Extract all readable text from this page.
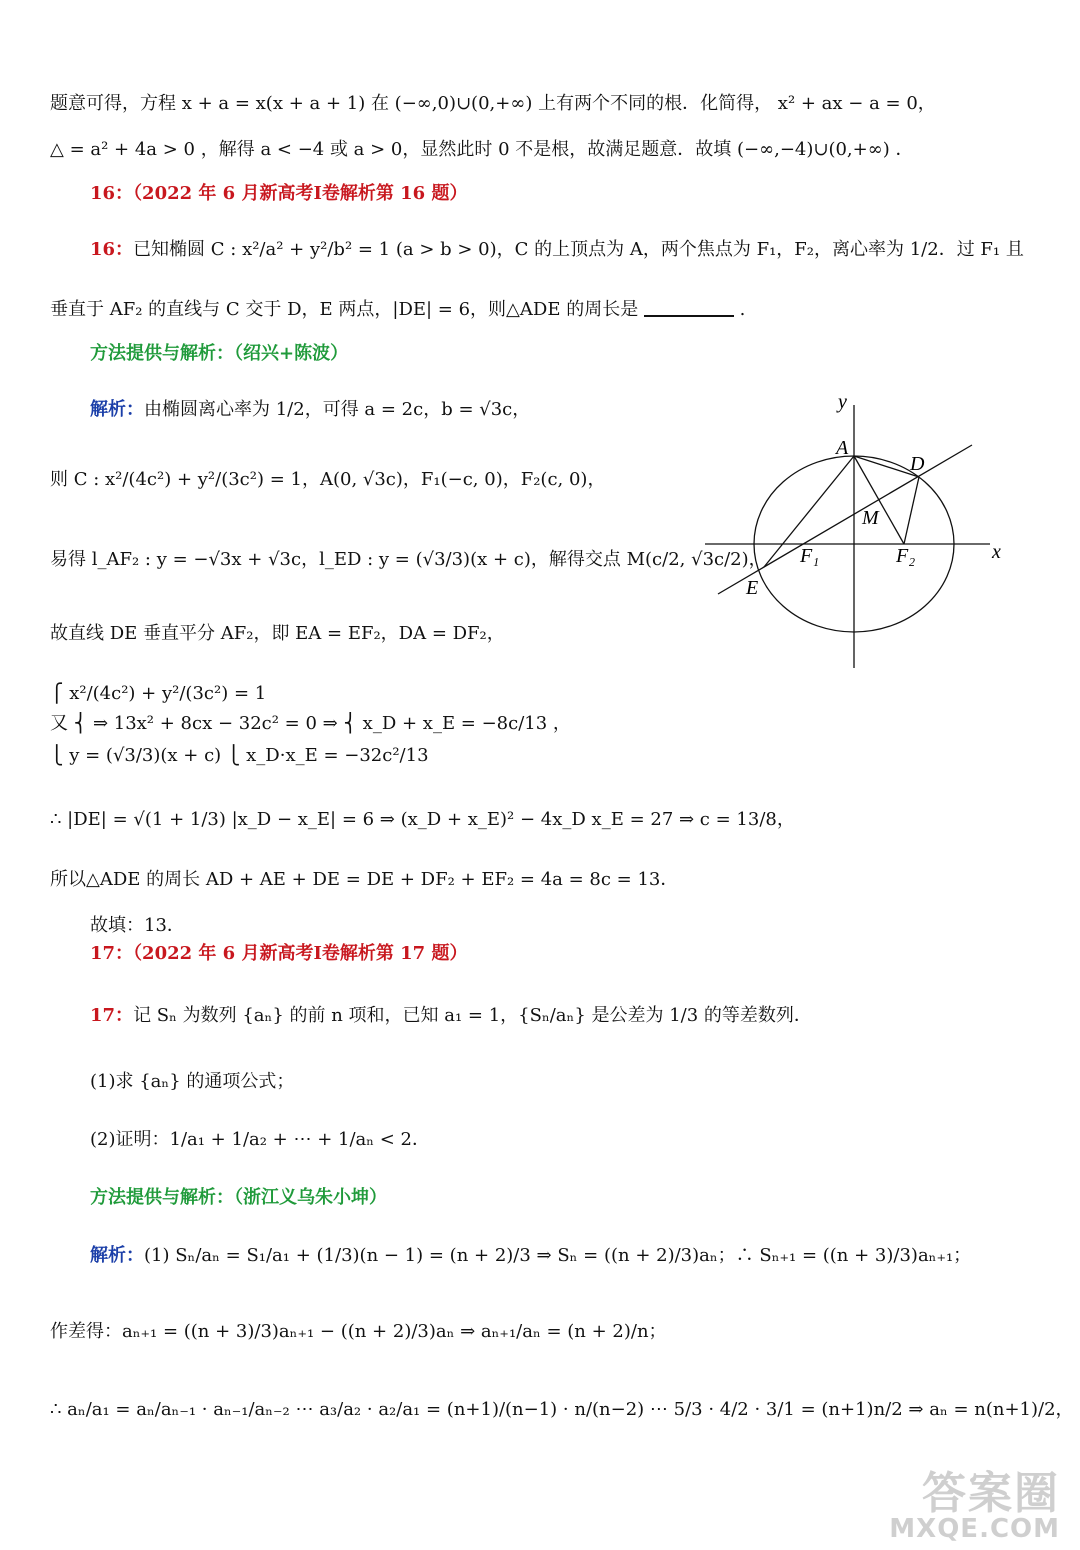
题意可得，方程 x + a = x(x + a + 1) 在 (−∞,0)∪(0,+∞) 上有两个不同的根．化简得， x² + ax − a = 0，
△ = a² + 4a > 0 ，解得 a < −4 或 a > 0，显然此时 0 不是根，故满足题意．故填 (−∞,−4)∪(0,+∞) ．
16：（2022 年 6 月新高考Ⅰ卷解析第 16 题）
16：已知椭圆 C : x²/a² + y²/b² = 1 (a > b > 0)，C 的上顶点为 A，两个焦点为 F₁，F₂，离心率为 1/2．过 F₁ 且
垂直于 AF₂ 的直线与 C 交于 D，E 两点，|DE| = 6，则△ADE 的周长是	.
方法提供与解析：（绍兴+陈波）
解析：由椭圆离心率为 1/2，可得 a = 2c，b = √3c，
则 C : x²/(4c²) + y²/(3c²) = 1，A(0, √3c)，F₁(−c, 0)，F₂(c, 0)，
易得 l_AF₂ : y = −√3x + √3c，l_ED : y = (√3/3)(x + c)，解得交点 M(c/2, √3c/2)，
故直线 DE 垂直平分 AF₂，即 EA = EF₂，DA = DF₂，
⎧ x²/(4c²) + y²/(3c²) = 1
又 ⎨ ⇒ 13x² + 8cx − 32c² = 0 ⇒ ⎨ x_D + x_E = −8c/13 ，
⎩ y = (√3/3)(x + c) ⎩ x_D·x_E = −32c²/13
∴ |DE| = √(1 + 1/3) |x_D − x_E| = 6 ⇒ (x_D + x_E)² − 4x_D x_E = 27 ⇒ c = 13/8，
所以△ADE 的周长 AD + AE + DE = DE + DF₂ + EF₂ = 4a = 8c = 13．
故填：13．
17：（2022 年 6 月新高考Ⅰ卷解析第 17 题）
17：记 Sₙ 为数列 {aₙ} 的前 n 项和，已知 a₁ = 1，{Sₙ/aₙ} 是公差为 1/3 的等差数列．
(1)求 {aₙ} 的通项公式；
(2)证明：1/a₁ + 1/a₂ + ⋯ + 1/aₙ < 2．
方法提供与解析：（浙江义乌朱小坤）
解析：(1) Sₙ/aₙ = S₁/a₁ + (1/3)(n − 1) = (n + 2)/3 ⇒ Sₙ = ((n + 2)/3)aₙ；∴ Sₙ₊₁ = ((n + 3)/3)aₙ₊₁；
作差得：aₙ₊₁ = ((n + 3)/3)aₙ₊₁ − ((n + 2)/3)aₙ ⇒ aₙ₊₁/aₙ = (n + 2)/n；
∴ aₙ/a₁ = aₙ/aₙ₋₁ · aₙ₋₁/aₙ₋₂ ⋯ a₃/a₂ · a₂/a₁ = (n+1)/(n−1) · n/(n−2) ⋯ 5/3 · 4/2 · 3/1 = (n+1)n/2 ⇒ aₙ = n(n+1)/2，
y
x
A
D
M
F₁	F₂
E
答案圈
MXQE.COM
